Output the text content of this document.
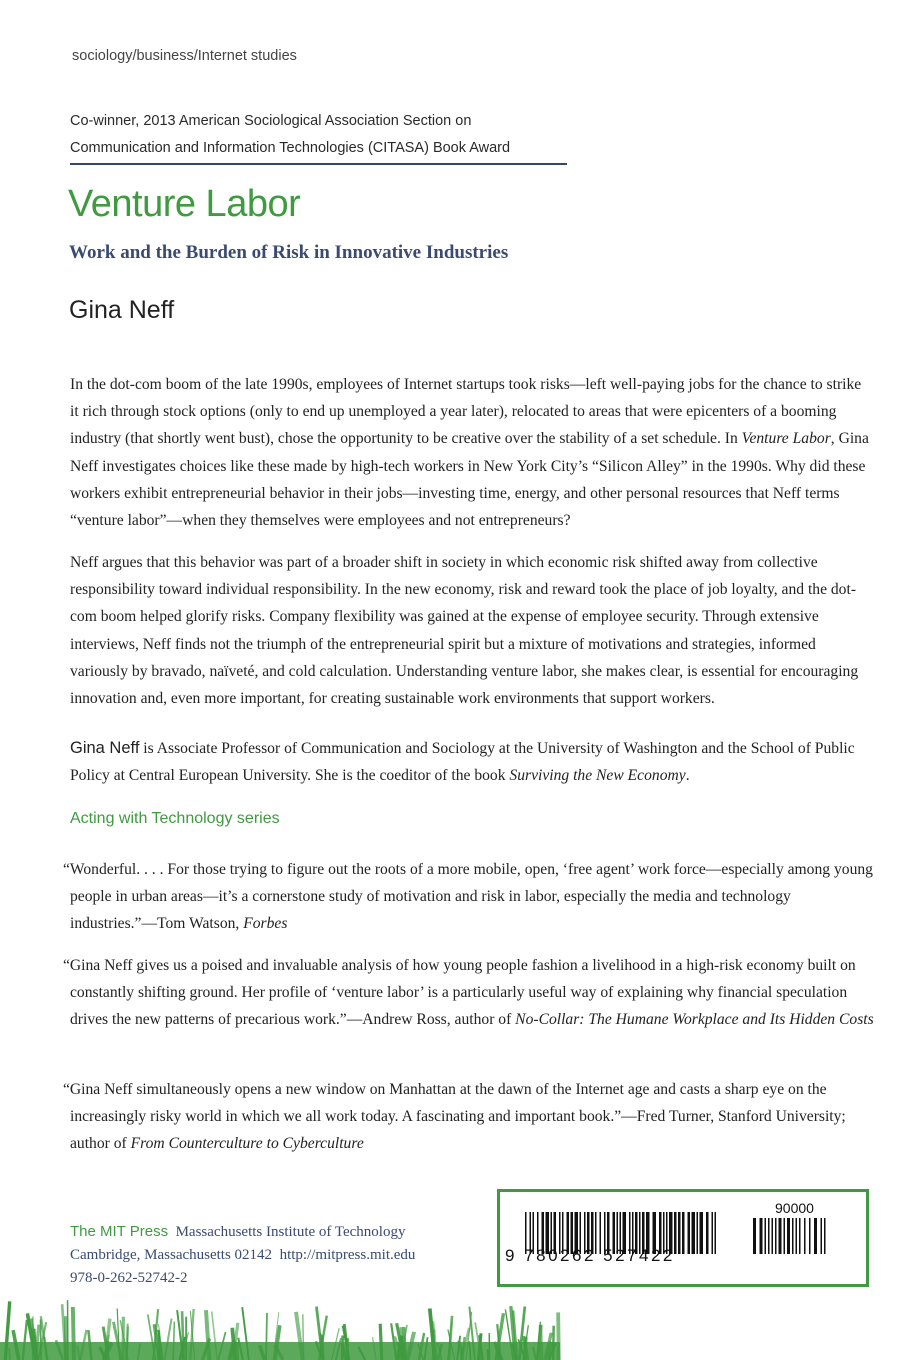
sociology/business/Internet studies
Co-winner, 2013 American Sociological Association Section on Communication and Information Technologies (CITASA) Book Award
Venture Labor
Work and the Burden of Risk in Innovative Industries
Gina Neff

In the dot-com boom of the late 1990s, employees of Internet startups took risks—left well-paying jobs for the chance to strike it rich through stock options (only to end up unemployed a year later), relocated to areas that were epicenters of a booming industry (that shortly went bust), chose the opportunity to be creative over the stability of a set schedule. In Venture Labor, Gina Neff investigates choices like these made by high-tech workers in New York City’s “Silicon Alley” in the 1990s. Why did these workers exhibit entrepreneurial behavior in their jobs—investing time, energy, and other personal resources that Neff terms “venture labor”—when they themselves were employees and not entrepreneurs?

Neff argues that this behavior was part of a broader shift in society in which economic risk shifted away from collective responsibility toward individual responsibility. In the new economy, risk and reward took the place of job loyalty, and the dot-com boom helped glorify risks. Company flexibility was gained at the expense of employee security. Through extensive interviews, Neff finds not the triumph of the entrepreneurial spirit but a mixture of motivations and strategies, informed variously by bravado, naïveté, and cold calculation. Understanding venture labor, she makes clear, is essential for encouraging innovation and, even more important, for creating sustainable work environments that support workers.

Gina Neff is Associate Professor of Communication and Sociology at the University of Washington and the School of Public Policy at Central European University. She is the coeditor of the book Surviving the New Economy.

Acting with Technology series

“Wonderful. . . . For those trying to figure out the roots of a more mobile, open, ‘free agent’ work force—especially among young people in urban areas—it’s a cornerstone study of motivation and risk in labor, especially the media and technology industries.”—Tom Watson, Forbes

“Gina Neff gives us a poised and invaluable analysis of how young people fashion a livelihood in a high-risk economy built on constantly shifting ground. Her profile of ‘venture labor’ is a particularly useful way of explaining why financial speculation drives the new patterns of precarious work.”—Andrew Ross, author of No-Collar: The Humane Workplace and Its Hidden Costs

“Gina Neff simultaneously opens a new window on Manhattan at the dawn of the Internet age and casts a sharp eye on the increasingly risky world in which we all work today. A fascinating and important book.”—Fred Turner, Stanford University; author of From Counterculture to Cyberculture

The MIT Press Massachusetts Institute of Technology
Cambridge, Massachusetts 02142 http://mitpress.mit.edu
978-0-262-52742-2
90000
9 780262 527422
